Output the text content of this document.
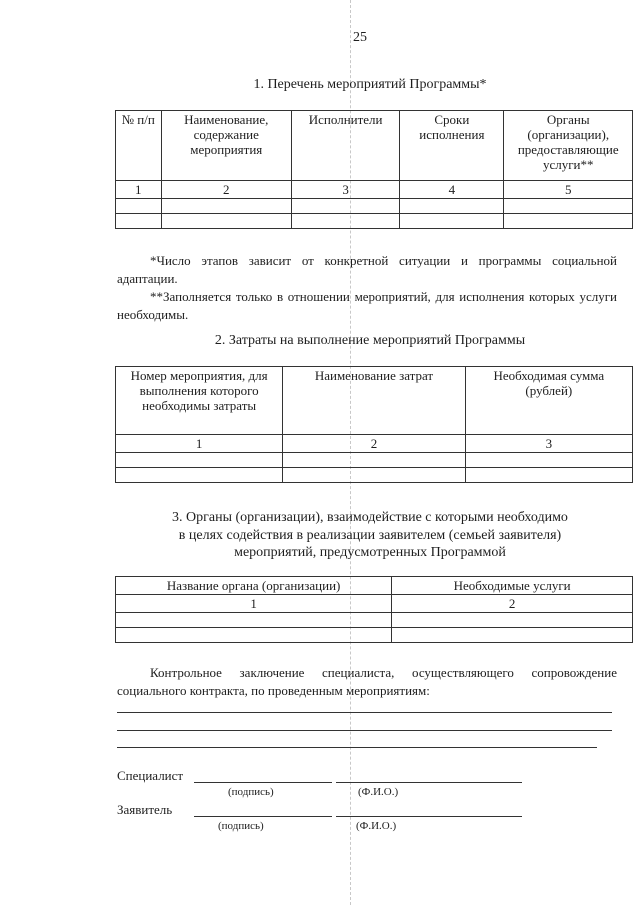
25
1. Перечень мероприятий Программы*
№ п/п	Наименование, содержание мероприятия	Исполнители	Сроки исполнения	Органы (организации), предоставляющие услуги**
1	2	3	4	5

*Число этапов зависит от конкретной ситуации и программы социальной адаптации.
**Заполняется только в отношении мероприятий, для исполнения которых услуги необходимы.
2. Затраты на выполнение мероприятий Программы
Номер мероприятия, для выполнения которого необходимы затраты	Наименование затрат	Необходимая сумма (рублей)
1	2	3

3. Органы (организации), взаимодействие с которыми необходимо
в целях содействия в реализации заявителем (семьей заявителя)
мероприятий, предусмотренных Программой
Название органа (организации)	Необходимые услуги
1	2

Контрольное заключение специалиста, осуществляющего сопровождение социального контракта, по проведенным мероприятиям:
Специалист
(подпись)	(Ф.И.О.)
Заявитель
(подпись)	(Ф.И.О.)
